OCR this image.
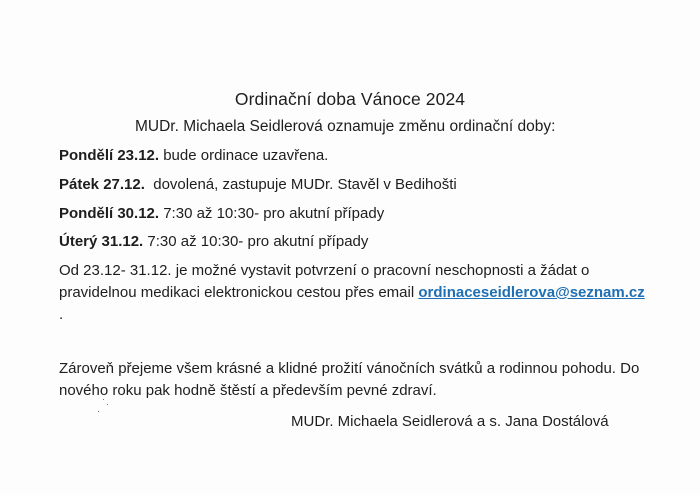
Ordinační doba Vánoce 2024
MUDr. Michaela Seidlerová oznamuje změnu ordinační doby:
Pondělí 23.12. bude ordinace uzavřena.
Pátek 27.12.  dovolená, zastupuje MUDr. Stavěl v Bedihošti
Pondělí 30.12. 7:30 až 10:30- pro akutní případy
Úterý 31.12. 7:30 až 10:30- pro akutní případy
Od 23.12- 31.12. je možné vystavit potvrzení o pracovní neschopnosti a žádat o pravidelnou medikaci elektronickou cestou přes email ordinaceseidlerova@seznam.cz .
Zároveň přejeme všem krásné a klidné prožití vánočních svátků a rodinnou pohodu. Do nového roku pak hodně štěstí a především pevné zdraví.
MUDr. Michaela Seidlerová a s. Jana Dostálová
